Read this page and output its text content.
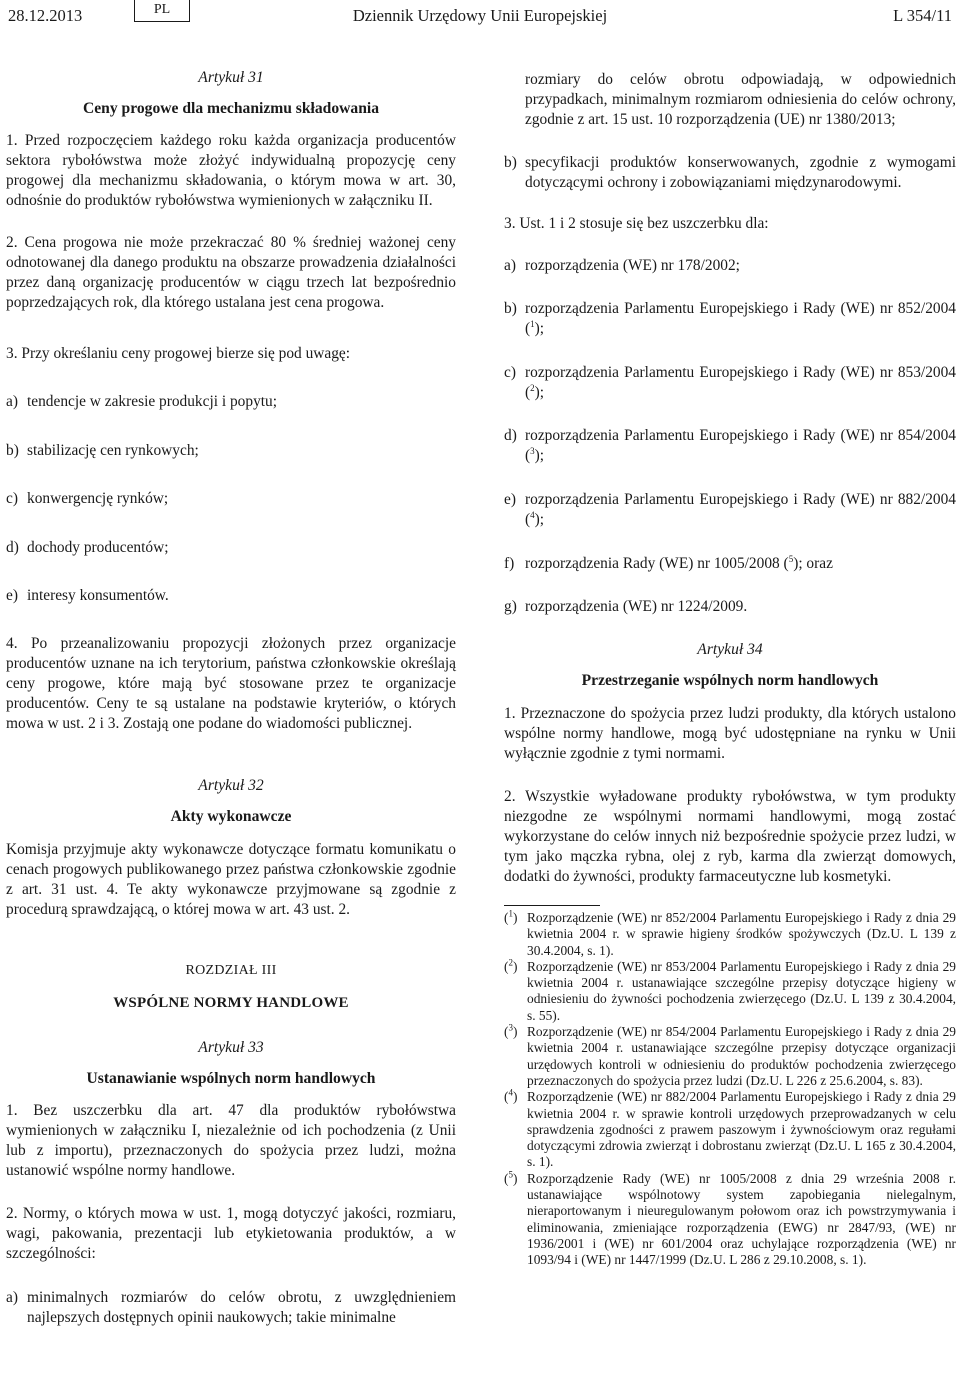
28.12.2013	PL	Dziennik Urzędowy Unii Europejskiej	L 354/11
Artykuł 31
Ceny progowe dla mechanizmu składowania

1. Przed rozpoczęciem każdego roku każda organizacja producentów sektora rybołówstwa może złożyć indywidualną propozycję ceny progowej dla mechanizmu składowania, o którym mowa w art. 30, odnośnie do produktów rybołówstwa wymienionych w załączniku II.

2. Cena progowa nie może przekraczać 80 % średniej ważonej ceny odnotowanej dla danego produktu na obszarze prowadzenia działalności przez daną organizację producentów w ciągu trzech lat bezpośrednio poprzedzających rok, dla którego ustalana jest cena progowa.

3. Przy określaniu ceny progowej bierze się pod uwagę:

a) tendencje w zakresie produkcji i popytu;
b) stabilizację cen rynkowych;
c) konwergencję rynków;
d) dochody producentów;
e) interesy konsumentów.

4. Po przeanalizowaniu propozycji złożonych przez organizacje producentów uznane na ich terytorium, państwa członkowskie określają ceny progowe, które mają być stosowane przez te organizacje producentów. Ceny te są ustalane na podstawie kryteriów, o których mowa w ust. 2 i 3. Zostają one podane do wiadomości publicznej.

Artykuł 32
Akty wykonawcze

Komisja przyjmuje akty wykonawcze dotyczące formatu komunikatu o cenach progowych publikowanego przez państwa członkowskie zgodnie z art. 31 ust. 4. Te akty wykonawcze przyjmowane są zgodnie z procedurą sprawdzającą, o której mowa w art. 43 ust. 2.

ROZDZIAŁ III
WSPÓLNE NORMY HANDLOWE
Artykuł 33
Ustanawianie wspólnych norm handlowych

1. Bez uszczerbku dla art. 47 dla produktów rybołówstwa wymienionych w załączniku I, niezależnie od ich pochodzenia (z Unii lub z importu), przeznaczonych do spożycia przez ludzi, można ustanowić wspólne normy handlowe.

2. Normy, o których mowa w ust. 1, mogą dotyczyć jakości, rozmiaru, wagi, pakowania, prezentacji lub etykietowania produktów, a w szczególności:

a) minimalnych rozmiarów do celów obrotu, z uwzględnieniem najlepszych dostępnych opinii naukowych; takie minimalne

rozmiary do celów obrotu odpowiadają, w odpowiednich przypadkach, minimalnym rozmiarom odniesienia do celów ochrony, zgodnie z art. 15 ust. 10 rozporządzenia (UE) nr 1380/2013;

b) specyfikacji produktów konserwowanych, zgodnie z wymogami dotyczącymi ochrony i zobowiązaniami międzynarodowymi.

3. Ust. 1 i 2 stosuje się bez uszczerbku dla:

a) rozporządzenia (WE) nr 178/2002;
b) rozporządzenia Parlamentu Europejskiego i Rady (WE) nr 852/2004 ($^1$);
c) rozporządzenia Parlamentu Europejskiego i Rady (WE) nr 853/2004 ($^2$);
d) rozporządzenia Parlamentu Europejskiego i Rady (WE) nr 854/2004 ($^3$);
e) rozporządzenia Parlamentu Europejskiego i Rady (WE) nr 882/2004 ($^4$);
f) rozporządzenia Rady (WE) nr 1005/2008 ($^5$); oraz
g) rozporządzenia (WE) nr 1224/2009.
Artykuł 34
Przestrzeganie wspólnych norm handlowych

1. Przeznaczone do spożycia przez ludzi produkty, dla których ustalono wspólne normy handlowe, mogą być udostępniane na rynku w Unii wyłącznie zgodnie z tymi normami.

2. Wszystkie wyładowane produkty rybołówstwa, w tym produkty niezgodne ze wspólnymi normami handlowymi, mogą zostać wykorzystane do celów innych niż bezpośrednie spożycie przez ludzi, w tym jako mączka rybna, olej z ryb, karma dla zwierząt domowych, dodatki do żywności, produkty farmaceutyczne lub kosmetyki.

($^1$) Rozporządzenie (WE) nr 852/2004 Parlamentu Europejskiego i Rady z dnia 29 kwietnia 2004 r. w sprawie higieny środków spożywczych (Dz.U. L 139 z 30.4.2004, s. 1).
($^2$) Rozporządzenie (WE) nr 853/2004 Parlamentu Europejskiego i Rady z dnia 29 kwietnia 2004 r. ustanawiające szczególne przepisy dotyczące higieny w odniesieniu do żywności pochodzenia zwierzęcego (Dz.U. L 139 z 30.4.2004, s. 55).
($^3$) Rozporządzenie (WE) nr 854/2004 Parlamentu Europejskiego i Rady z dnia 29 kwietnia 2004 r. ustanawiające szczególne przepisy dotyczące organizacji urzędowych kontroli w odniesieniu do produktów pochodzenia zwierzęcego przeznaczonych do spożycia przez ludzi (Dz.U. L 226 z 25.6.2004, s. 83).
($^4$) Rozporządzenie (WE) nr 882/2004 Parlamentu Europejskiego i Rady z dnia 29 kwietnia 2004 r. w sprawie kontroli urzędowych przeprowadzanych w celu sprawdzenia zgodności z prawem paszowym i żywnościowym oraz regułami dotyczącymi zdrowia zwierząt i dobrostanu zwierząt (Dz.U. L 165 z 30.4.2004, s. 1).
($^5$) Rozporządzenie Rady (WE) nr 1005/2008 z dnia 29 września 2008 r. ustanawiające wspólnotowy system zapobiegania nielegalnym, nieraportowanym i nieuregulowanym połowom oraz ich powstrzymywania i eliminowania, zmieniające rozporządzenia (EWG) nr 2847/93, (WE) nr 1936/2001 i (WE) nr 601/2004 oraz uchylające rozporządzenia (WE) nr 1093/94 i (WE) nr 1447/1999 (Dz.U. L 286 z 29.10.2008, s. 1).
